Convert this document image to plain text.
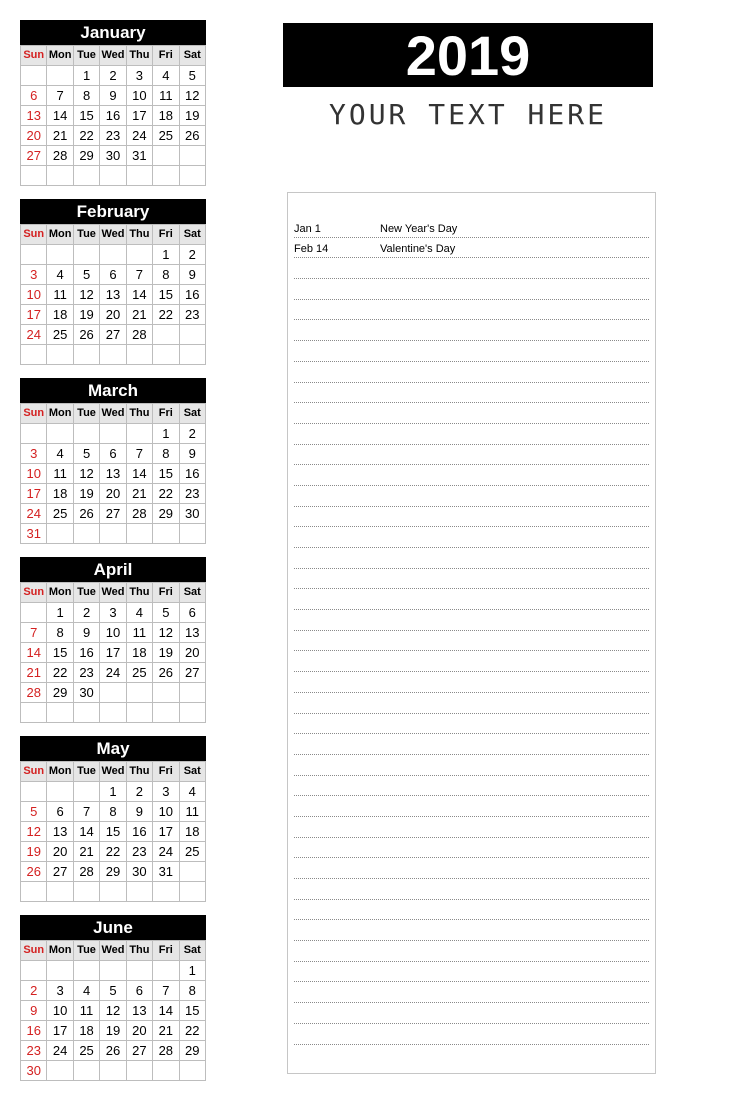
January
Sun	Mon	Tue	Wed	Thu	Fri	Sat
		1	2	3	4	5
6	7	8	9	10	11	12
13	14	15	16	17	18	19
20	21	22	23	24	25	26
27	28	29	30	31		

February
Sun	Mon	Tue	Wed	Thu	Fri	Sat
					1	2
3	4	5	6	7	8	9
10	11	12	13	14	15	16
17	18	19	20	21	22	23
24	25	26	27	28		

March
Sun	Mon	Tue	Wed	Thu	Fri	Sat
					1	2
3	4	5	6	7	8	9
10	11	12	13	14	15	16
17	18	19	20	21	22	23
24	25	26	27	28	29	30
31						
April
Sun	Mon	Tue	Wed	Thu	Fri	Sat
	1	2	3	4	5	6
7	8	9	10	11	12	13
14	15	16	17	18	19	20
21	22	23	24	25	26	27
28	29	30				

May
Sun	Mon	Tue	Wed	Thu	Fri	Sat
			1	2	3	4
5	6	7	8	9	10	11
12	13	14	15	16	17	18
19	20	21	22	23	24	25
26	27	28	29	30	31	

June
Sun	Mon	Tue	Wed	Thu	Fri	Sat
						1
2	3	4	5	6	7	8
9	10	11	12	13	14	15
16	17	18	19	20	21	22
23	24	25	26	27	28	29
30						
2019
YOUR TEXT HERE
Jan 1	New Year's Day
Feb 14	Valentine's Day
